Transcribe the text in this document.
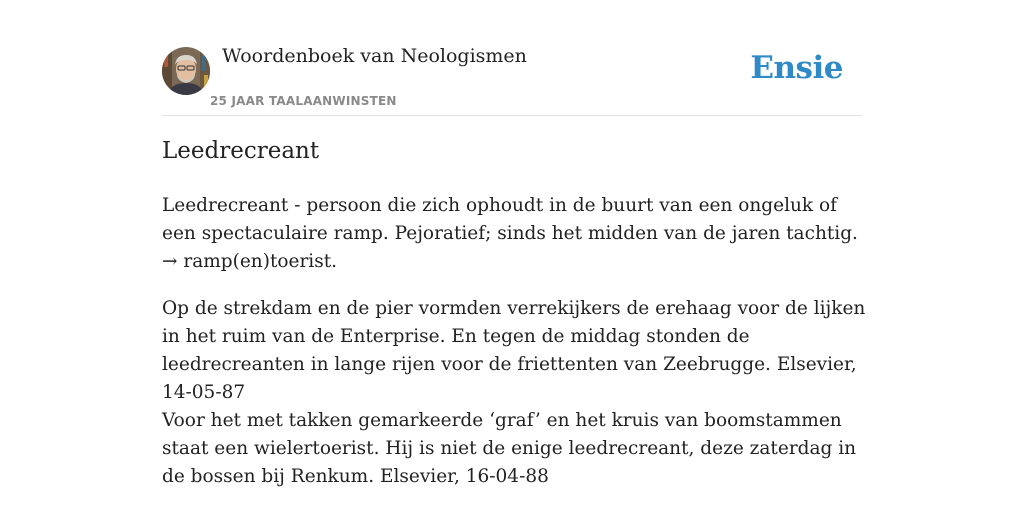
Woordenboek van Neologismen
25 JAAR TAALAANWINSTEN
Ensie
Leedrecreant

Leedrecreant - persoon die zich ophoudt in de buurt van een ongeluk of een spectaculaire ramp. Pejoratief; sinds het midden van de jaren tachtig. → ramp(en)toerist.

Op de strekdam en de pier vormden verrekijkers de erehaag voor de lijken in het ruim van de Enterprise. En tegen de middag stonden de leedrecreanten in lange rijen voor de friettenten van Zeebrugge. Elsevier, 14-05-87

Voor het met takken gemarkeerde ‘graf’ en het kruis van boomstammen staat een wielertoerist. Hij is niet de enige leedrecreant, deze zaterdag in de bossen bij Renkum. Elsevier, 16-04-88
